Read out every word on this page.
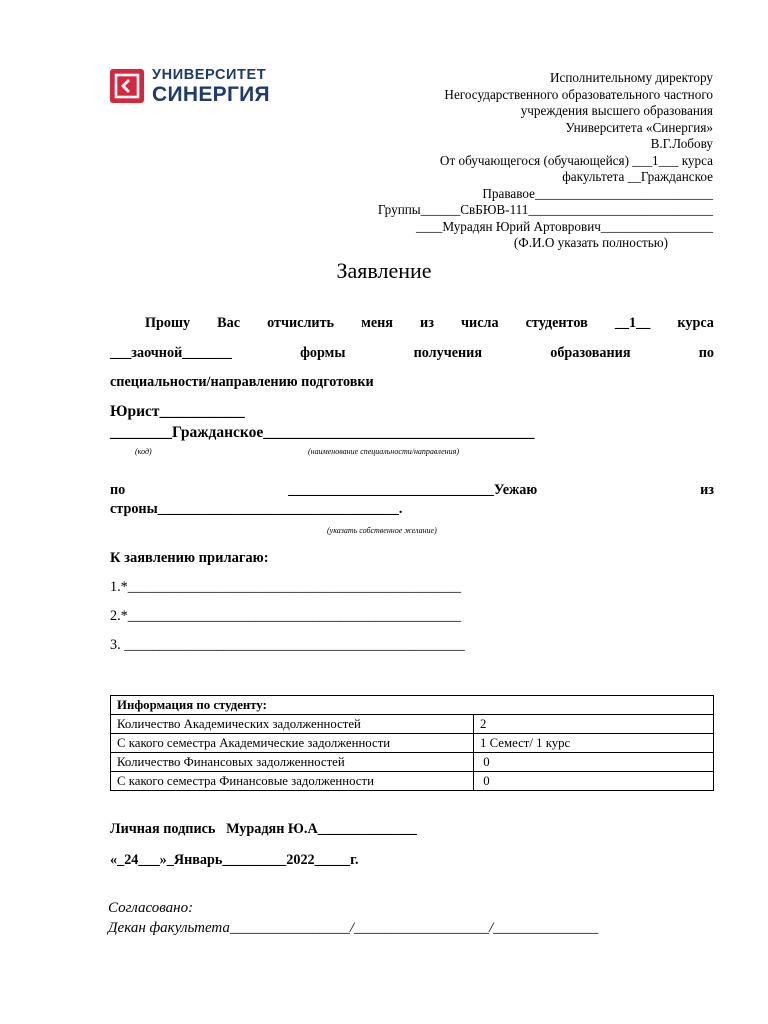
УНИВЕРСИТЕТ
СИНЕРГИЯ
Исполнительному директору
Негосударственного образовательного частного
учреждения высшего образования
Университета «Синергия»
В.Г.Лобову
От обучающегося (обучающейся) ___1___ курса
факультета __Гражданское
Прававое___________________________
Группы______СвБЮВ-111____________________________
____Мурадян Юрий Артоврович_________________
(Ф.И.О указать полностью)
Заявление
Прошу Вас отчислить меня из числа студентов __1__ курса
___заочной_______	формы	получения	образования	по
специальности/направлению подготовки
Юрист___________
________Гражданское___________________________________
(код)	(наименование специальности/направления)
по	_____________________________Уежаю	из
строны__________________________________.
(указать собственное желание)
К заявлению прилагаю:
1.*_______________________________________________
2.*_______________________________________________
3. ________________________________________________
Информация по студенту:	
Количество Академических задолженностей	2
С какого семестра Академические задолженности	1 Семест/ 1 курс
Количество Финансовых задолженностей	0
С какого семестра Финансовые задолженности	0
Личная подпись   Мурадян Ю.А______________
«_24___»_Январь_________2022_____г.
Согласовано:
Декан факультета________________/__________________/______________
